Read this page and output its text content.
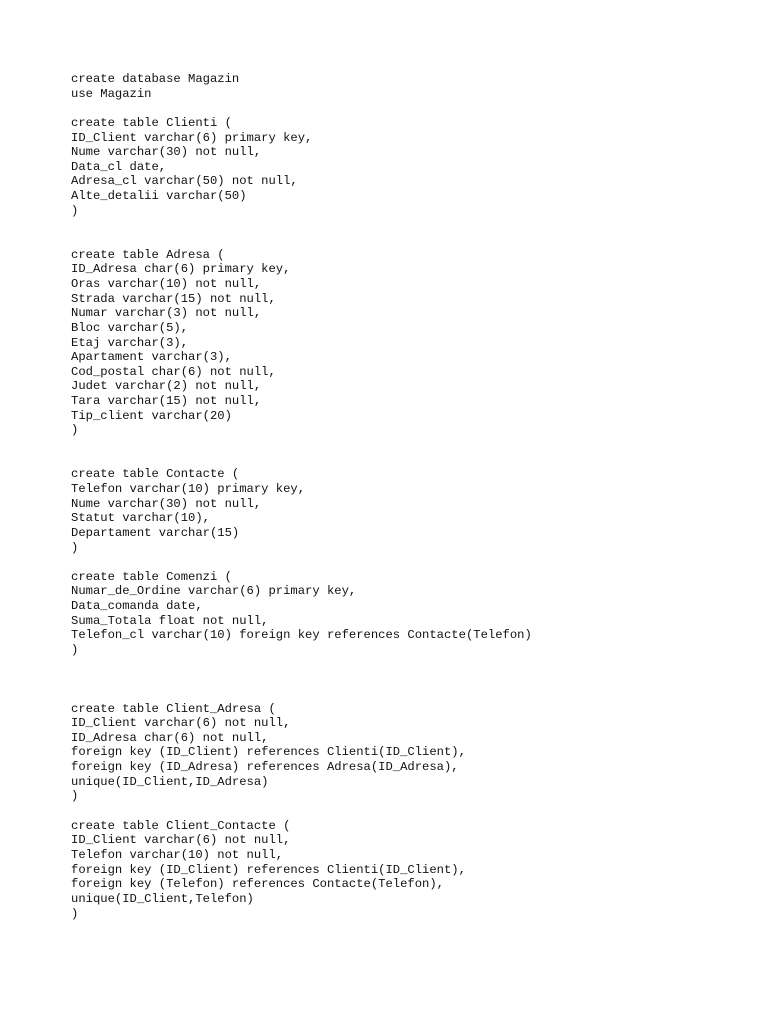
create database Magazin
use Magazin
create table Clienti (
ID_Client varchar(6) primary key,
Nume varchar(30) not null,
Data_cl date,
Adresa_cl varchar(50) not null,
Alte_detalii varchar(50)
)
create table Adresa (
ID_Adresa char(6) primary key,
Oras varchar(10) not null,
Strada varchar(15) not null,
Numar varchar(3) not null,
Bloc varchar(5),
Etaj varchar(3),
Apartament varchar(3),
Cod_postal char(6) not null,
Judet varchar(2) not null,
Tara varchar(15) not null,
Tip_client varchar(20)
)
create table Contacte (
Telefon varchar(10) primary key,
Nume varchar(30) not null,
Statut varchar(10),
Departament varchar(15)
)
create table Comenzi (
Numar_de_Ordine varchar(6) primary key,
Data_comanda date,
Suma_Totala float not null,
Telefon_cl varchar(10) foreign key references Contacte(Telefon)
)
create table Client_Adresa (
ID_Client varchar(6) not null,
ID_Adresa char(6) not null,
foreign key (ID_Client) references Clienti(ID_Client),
foreign key (ID_Adresa) references Adresa(ID_Adresa),
unique(ID_Client,ID_Adresa)
)
create table Client_Contacte (
ID_Client varchar(6) not null,
Telefon varchar(10) not null,
foreign key (ID_Client) references Clienti(ID_Client),
foreign key (Telefon) references Contacte(Telefon),
unique(ID_Client,Telefon)
)
